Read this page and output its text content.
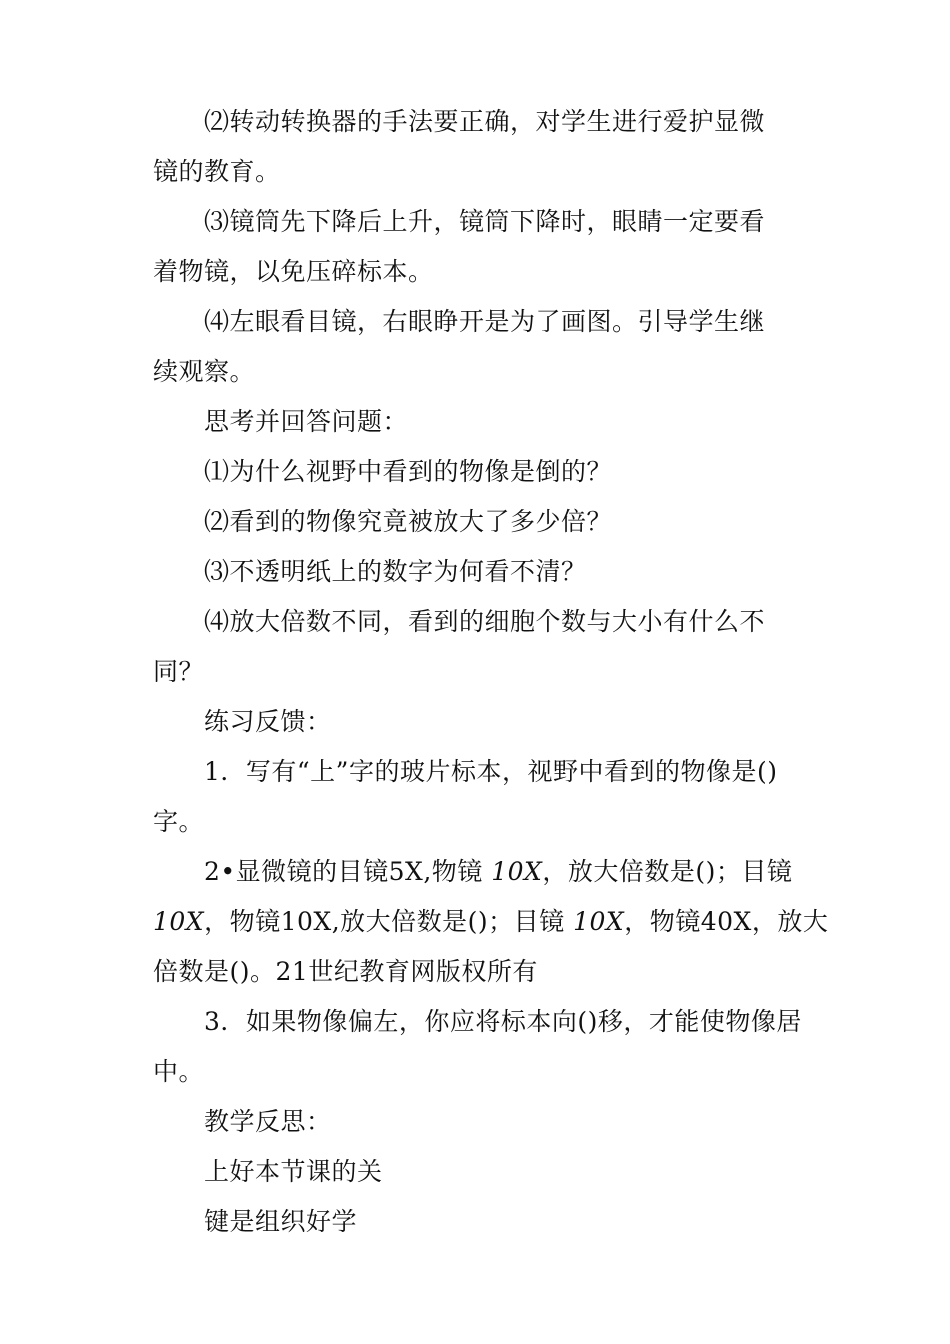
⑵转动转换器的手法要正确，对学生进行爱护显微
镜的教育。
⑶镜筒先下降后上升，镜筒下降时，眼睛一定要看
着物镜，以免压碎标本。
⑷左眼看目镜，右眼睁开是为了画图。引导学生继
续观察。
思考并回答问题：
⑴为什么视野中看到的物像是倒的？
⑵看到的物像究竟被放大了多少倍？
⑶不透明纸上的数字为何看不清？
⑷放大倍数不同，看到的细胞个数与大小有什么不
同？
练习反馈：
1．写有“上”字的玻片标本，视野中看到的物像是()
字。
2•显微镜的目镜5X,物镜 10X，放大倍数是()；目镜
10X，物镜10X,放大倍数是()；目镜 10X，物镜40X，放大
倍数是()。21世纪教育网版权所有
3．如果物像偏左，你应将标本向()移，才能使物像居
中。
教学反思：
上好本节课的关
键是组织好学
